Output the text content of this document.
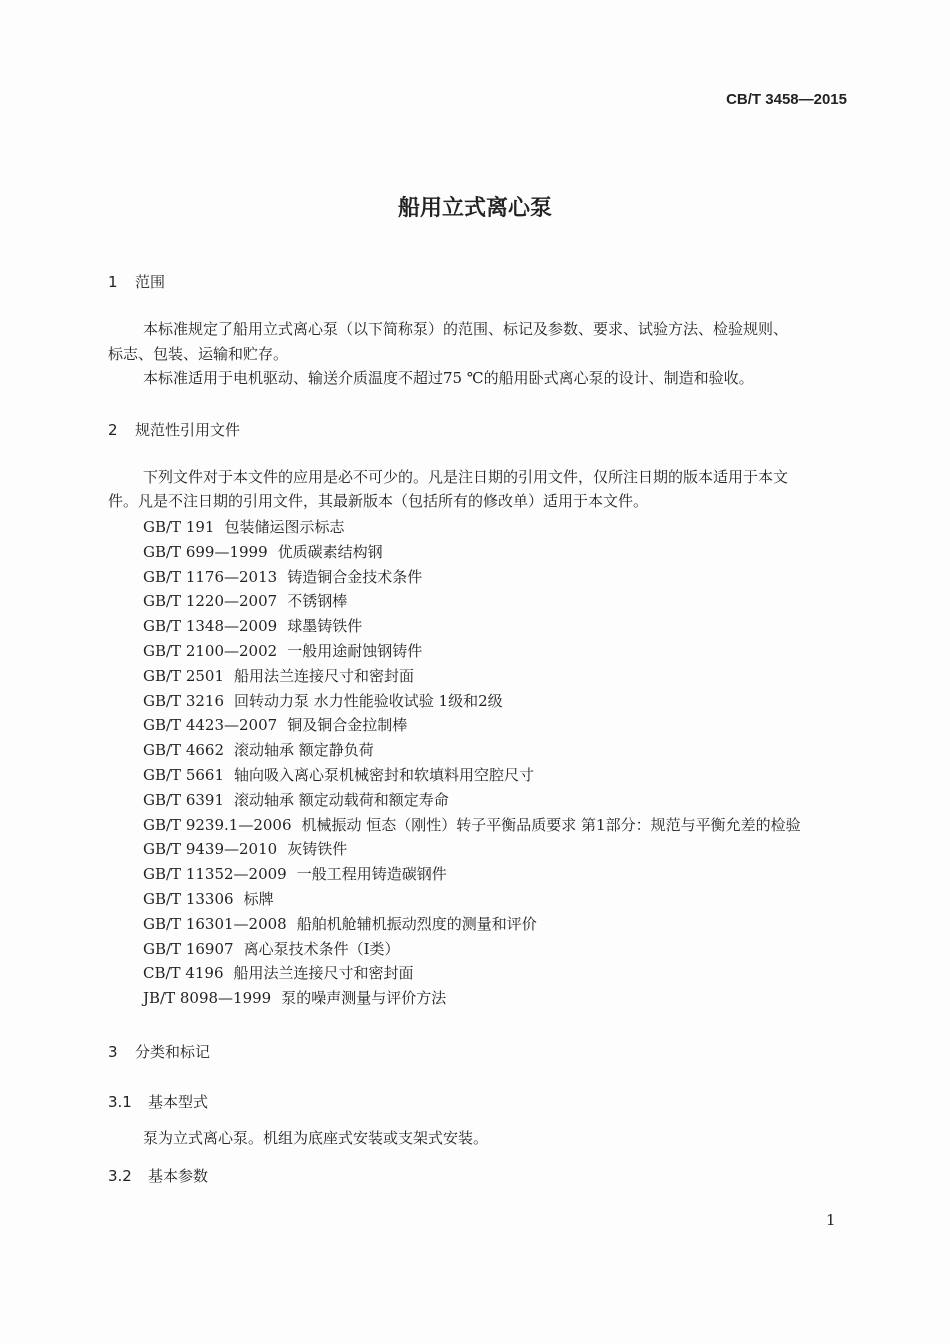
CB/T 3458—2015
船用立式离心泵
1 范围
本标准规定了船用立式离心泵（以下简称泵）的范围、标记及参数、要求、试验方法、检验规则、
标志、包装、运输和贮存。
本标准适用于电机驱动、输送介质温度不超过75 ℃的船用卧式离心泵的设计、制造和验收。
2 规范性引用文件
下列文件对于本文件的应用是必不可少的。凡是注日期的引用文件，仅所注日期的版本适用于本文
件。凡是不注日期的引用文件，其最新版本（包括所有的修改单）适用于本文件。
GB/T 191 包装储运图示标志
GB/T 699—1999 优质碳素结构钢
GB/T 1176—2013 铸造铜合金技术条件
GB/T 1220—2007 不锈钢棒
GB/T 1348—2009 球墨铸铁件
GB/T 2100—2002 一般用途耐蚀钢铸件
GB/T 2501 船用法兰连接尺寸和密封面
GB/T 3216 回转动力泵 水力性能验收试验 1级和2级
GB/T 4423—2007 铜及铜合金拉制棒
GB/T 4662 滚动轴承 额定静负荷
GB/T 5661 轴向吸入离心泵机械密封和软填料用空腔尺寸
GB/T 6391 滚动轴承 额定动载荷和额定寿命
GB/T 9239.1—2006 机械振动 恒态（刚性）转子平衡品质要求 第1部分：规范与平衡允差的检验
GB/T 9439—2010 灰铸铁件
GB/T 11352—2009 一般工程用铸造碳钢件
GB/T 13306 标牌
GB/T 16301—2008 船舶机舱辅机振动烈度的测量和评价
GB/T 16907 离心泵技术条件（I类）
CB/T 4196 船用法兰连接尺寸和密封面
JB/T 8098—1999 泵的噪声测量与评价方法
3 分类和标记
3.1 基本型式
泵为立式离心泵。机组为底座式安装或支架式安装。
3.2 基本参数
1
